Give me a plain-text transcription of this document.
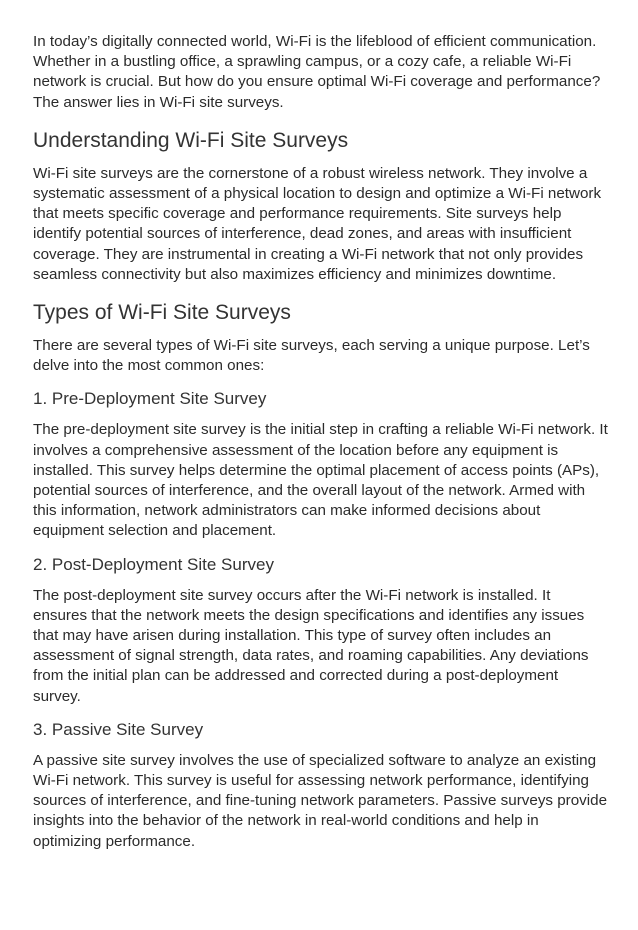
In today’s digitally connected world, Wi-Fi is the lifeblood of efficient communication. Whether in a bustling office, a sprawling campus, or a cozy cafe, a reliable Wi-Fi network is crucial. But how do you ensure optimal Wi-Fi coverage and performance? The answer lies in Wi-Fi site surveys.

Understanding Wi-Fi Site Surveys

Wi-Fi site surveys are the cornerstone of a robust wireless network. They involve a systematic assessment of a physical location to design and optimize a Wi-Fi network that meets specific coverage and performance requirements. Site surveys help identify potential sources of interference, dead zones, and areas with insufficient coverage. They are instrumental in creating a Wi-Fi network that not only provides seamless connectivity but also maximizes efficiency and minimizes downtime.

Types of Wi-Fi Site Surveys

There are several types of Wi-Fi site surveys, each serving a unique purpose. Let’s delve into the most common ones:

1. Pre-Deployment Site Survey

The pre-deployment site survey is the initial step in crafting a reliable Wi-Fi network. It involves a comprehensive assessment of the location before any equipment is installed. This survey helps determine the optimal placement of access points (APs), potential sources of interference, and the overall layout of the network. Armed with this information, network administrators can make informed decisions about equipment selection and placement.

2. Post-Deployment Site Survey

The post-deployment site survey occurs after the Wi-Fi network is installed. It ensures that the network meets the design specifications and identifies any issues that may have arisen during installation. This type of survey often includes an assessment of signal strength, data rates, and roaming capabilities. Any deviations from the initial plan can be addressed and corrected during a post-deployment survey.

3. Passive Site Survey

A passive site survey involves the use of specialized software to analyze an existing Wi-Fi network. This survey is useful for assessing network performance, identifying sources of interference, and fine-tuning network parameters. Passive surveys provide insights into the behavior of the network in real-world conditions and help in optimizing performance.
